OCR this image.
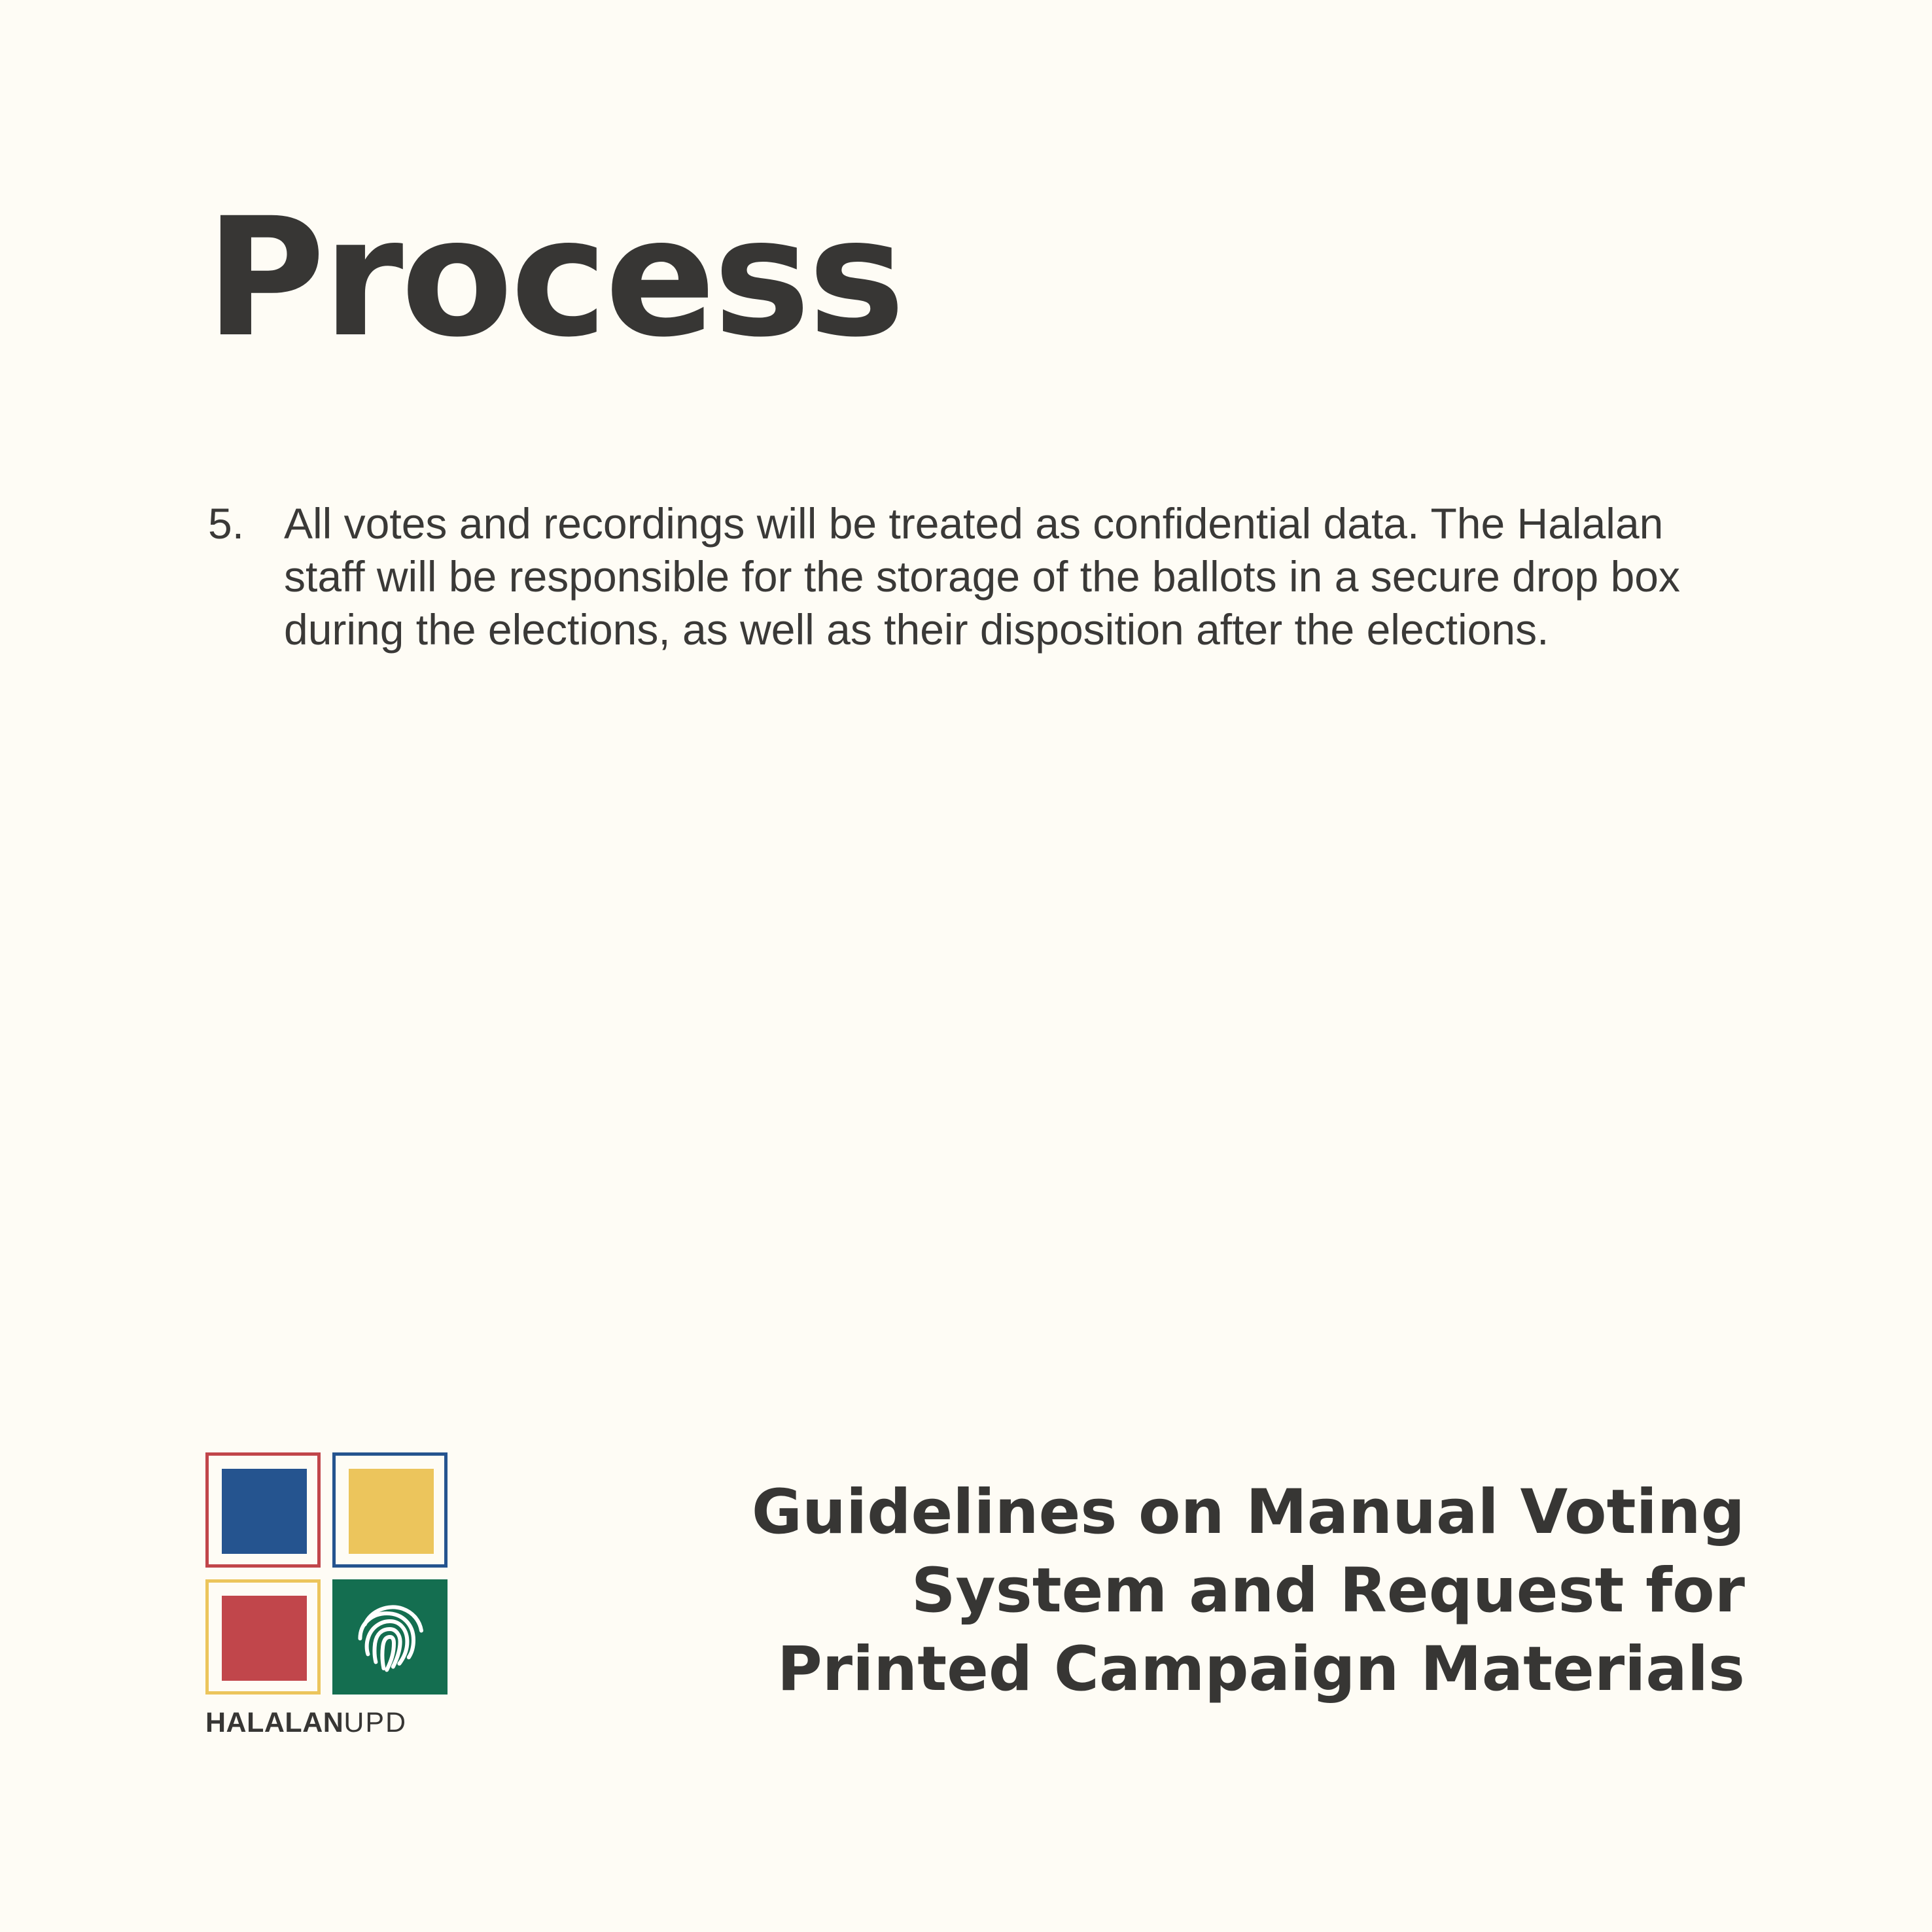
Process
5. All votes and recordings will be treated as confidential data. The Halalan staff will be responsible for the storage of the ballots in a secure drop box during the elections, as well as their disposition after the elections.
HALALANUPD
Guidelines on Manual Voting
System and Request for
Printed Campaign Materials
